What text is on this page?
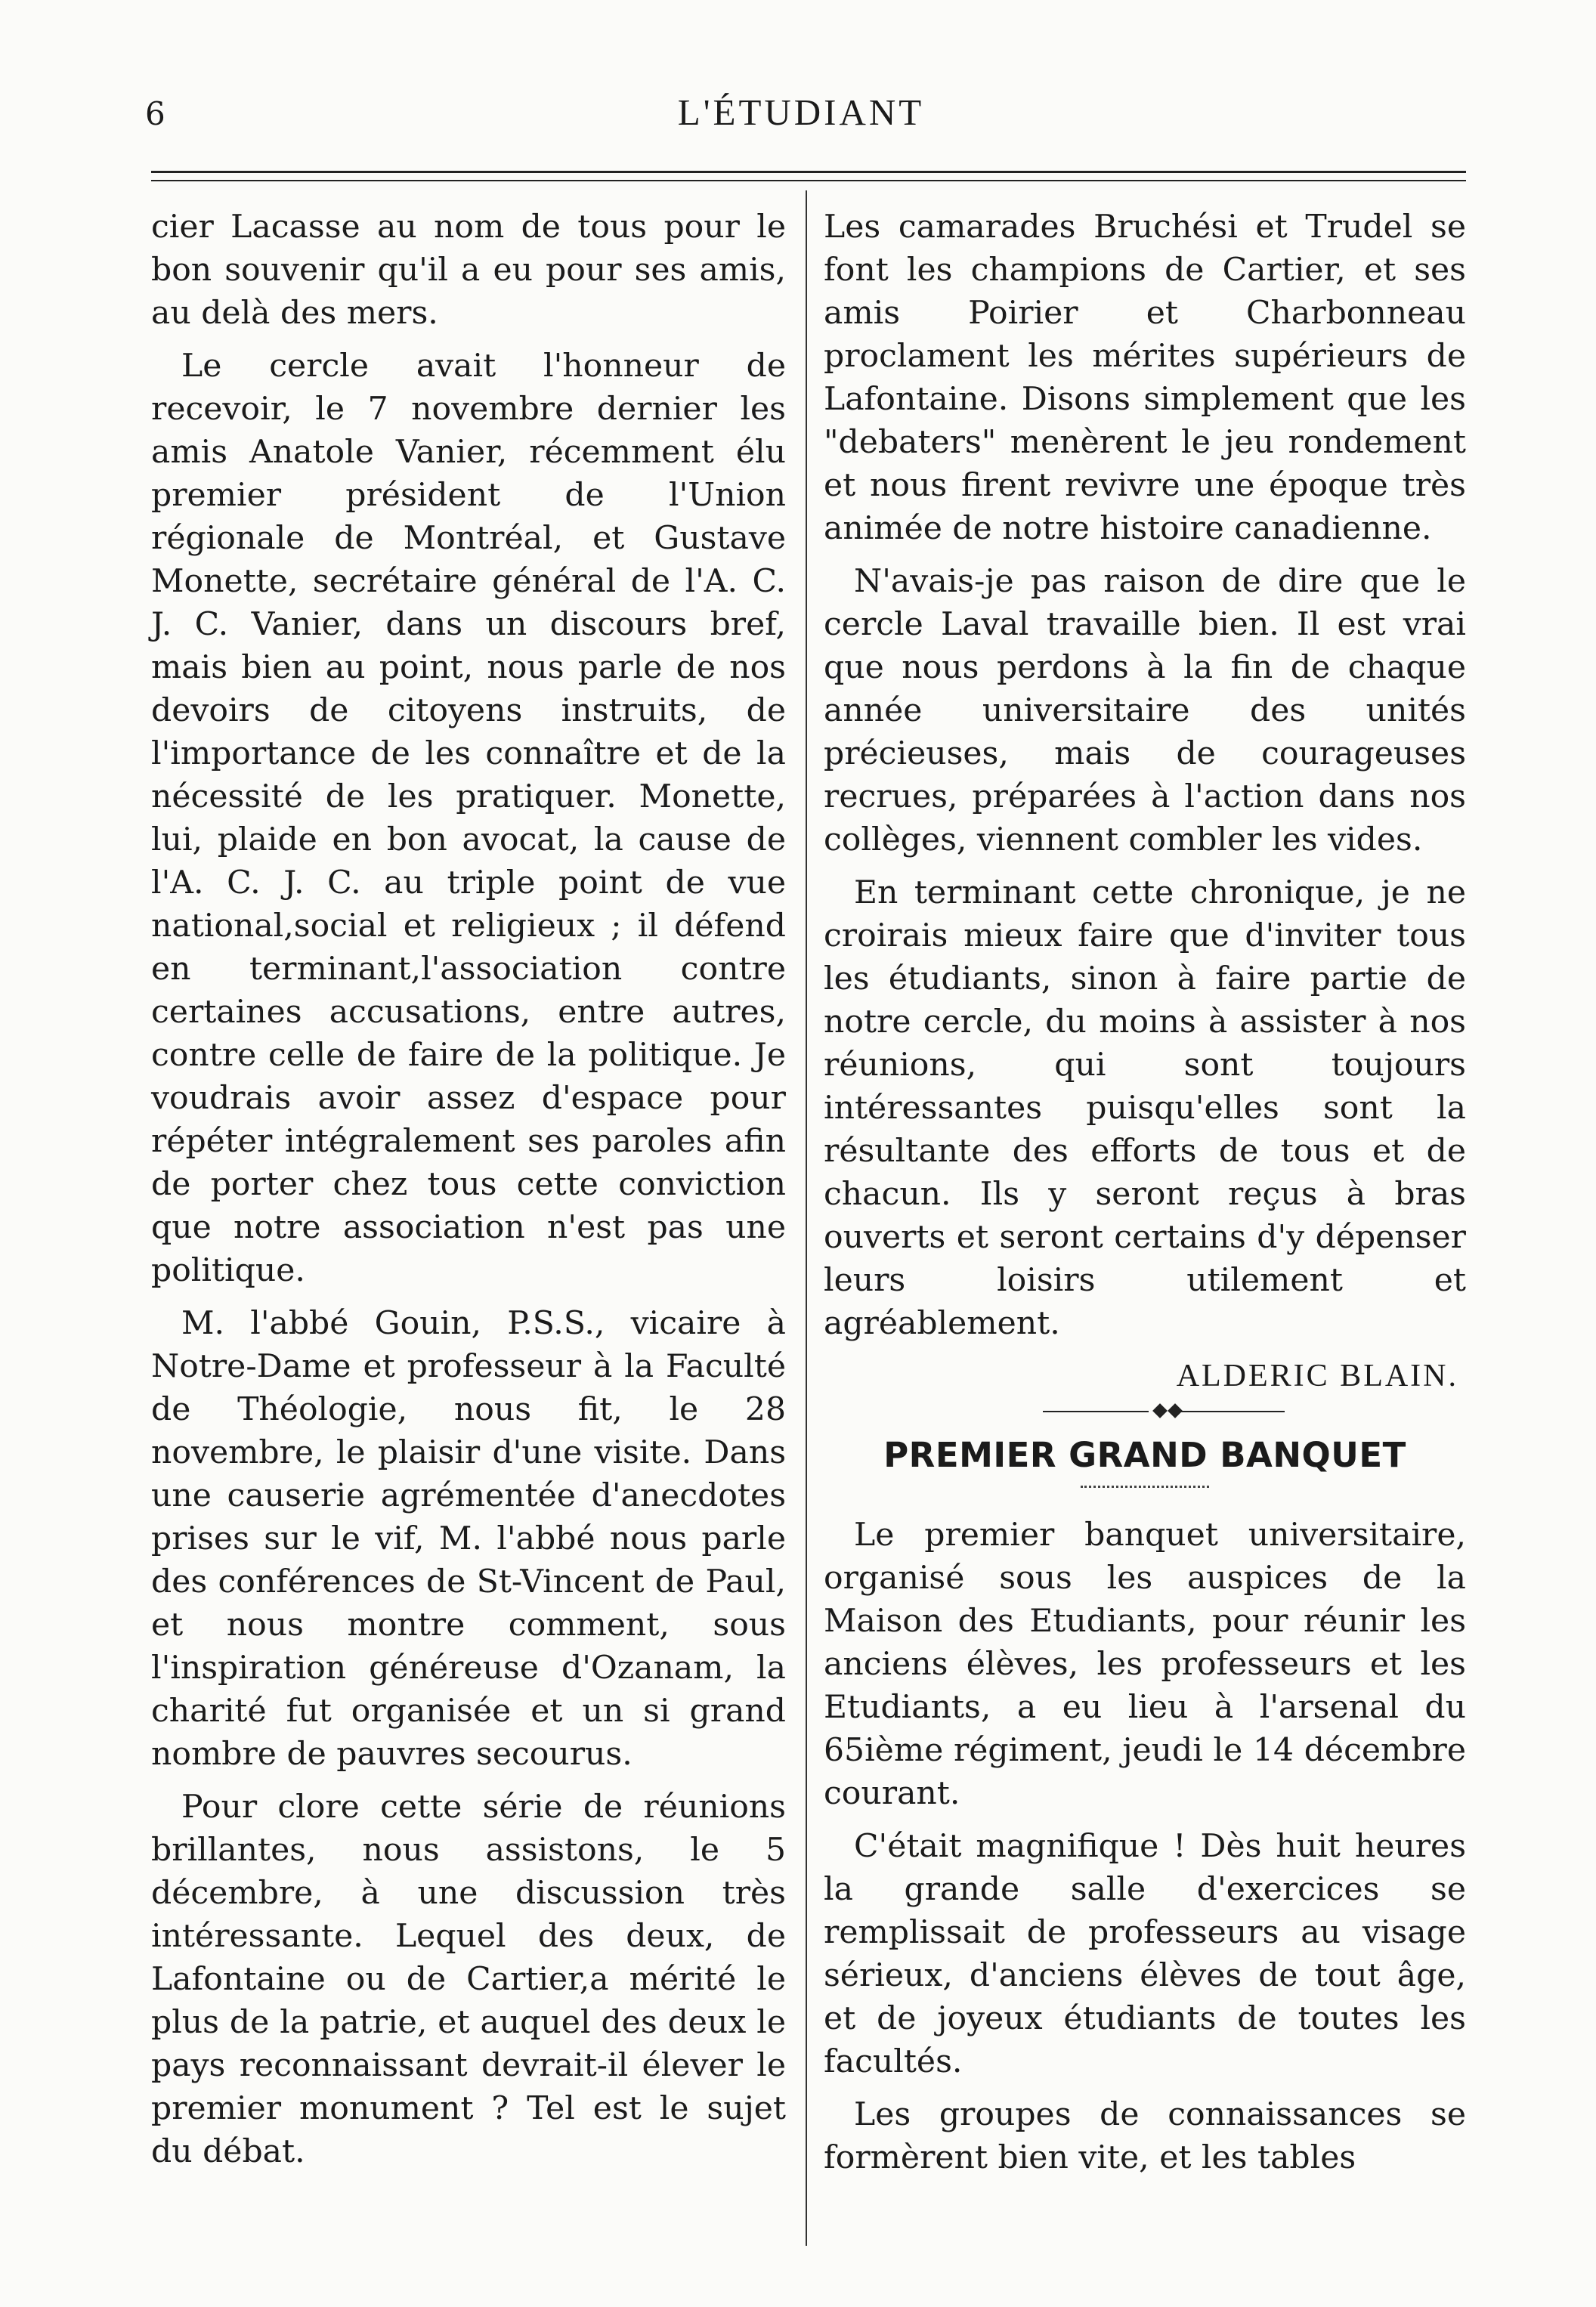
6	L'ÉTUDIANT

cier Lacasse au nom de tous pour le bon souvenir qu'il a eu pour ses amis, au delà des mers.

Le cercle avait l'honneur de recevoir, le 7 novembre dernier les amis Anatole Vanier, récemment élu premier président de l'Union régionale de Montréal, et Gustave Monette, secrétaire général de l'A. C. J. C. Vanier, dans un discours bref, mais bien au point, nous parle de nos devoirs de citoyens instruits, de l'importance de les connaître et de la nécessité de les pratiquer. Monette, lui, plaide en bon avocat, la cause de l'A. C. J. C. au triple point de vue national,social et religieux ; il défend en terminant,l'association contre certaines accusations, entre autres, contre celle de faire de la politique. Je voudrais avoir assez d'espace pour répéter intégralement ses paroles afin de porter chez tous cette conviction que notre association n'est pas une politique.

M. l'abbé Gouin, P.S.S., vicaire à Notre-Dame et professeur à la Faculté de Théologie, nous fit, le 28 novembre, le plaisir d'une visite. Dans une causerie agrémentée d'anecdotes prises sur le vif, M. l'abbé nous parle des conférences de St-Vincent de Paul, et nous montre comment, sous l'inspiration généreuse d'Ozanam, la charité fut organisée et un si grand nombre de pauvres secourus.

Pour clore cette série de réunions brillantes, nous assistons, le 5 décembre, à une discussion très intéressante. Lequel des deux, de Lafontaine ou de Cartier,a mérité le plus de la patrie, et auquel des deux le pays reconnaissant devrait-il élever le premier monument ? Tel est le sujet du débat.

Les camarades Bruchési et Trudel se font les champions de Cartier, et ses amis Poirier et Charbonneau proclament les mérites supérieurs de Lafontaine. Disons simplement que les "debaters" menèrent le jeu rondement et nous firent revivre une époque très animée de notre histoire canadienne.

N'avais-je pas raison de dire que le cercle Laval travaille bien. Il est vrai que nous perdons à la fin de chaque année universitaire des unités précieuses, mais de courageuses recrues, préparées à l'action dans nos collèges, viennent combler les vides.

En terminant cette chronique, je ne croirais mieux faire que d'inviter tous les étudiants, sinon à faire partie de notre cercle, du moins à assister à nos réunions, qui sont toujours intéressantes puisqu'elles sont la résultante des efforts de tous et de chacun. Ils y seront reçus à bras ouverts et seront certains d'y dépenser leurs loisirs utilement et agréablement.

ALDERIC BLAIN.
PREMIER GRAND BANQUET

Le premier banquet universitaire, organisé sous les auspices de la Maison des Etudiants, pour réunir les anciens élèves, les professeurs et les Etudiants, a eu lieu à l'arsenal du 65ième régiment, jeudi le 14 décembre courant.

C'était magnifique ! Dès huit heures la grande salle d'exercices se remplissait de professeurs au visage sérieux, d'anciens élèves de tout âge, et de joyeux étudiants de toutes les facultés.

Les groupes de connaissances se formèrent bien vite, et les tables
